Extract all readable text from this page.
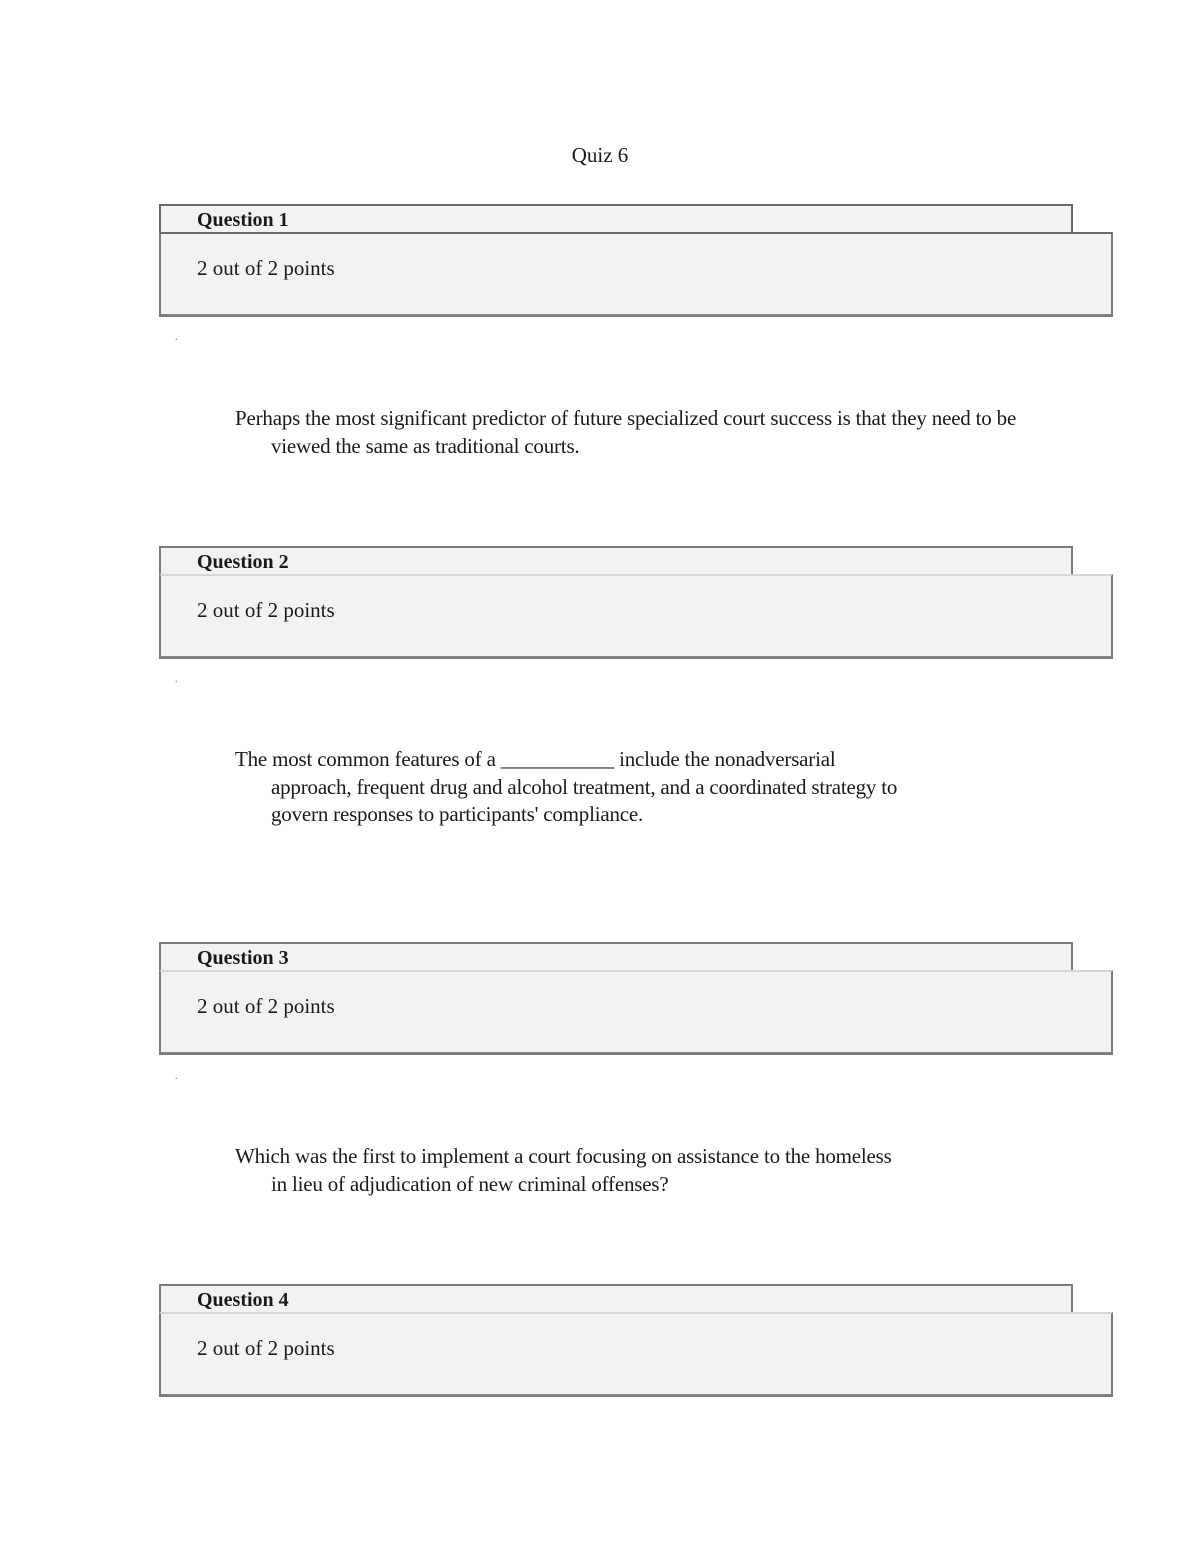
Quiz 6
Question 1
2 out of 2 points
.
Perhaps the most significant predictor of future specialized court success is that they need to be viewed the same as traditional courts.
Question 2
2 out of 2 points
.
The most common features of a ___________ include the nonadversarial approach, frequent drug and alcohol treatment, and a coordinated strategy to govern responses to participants' compliance.
Question 3
2 out of 2 points
.
Which was the first to implement a court focusing on assistance to the homeless in lieu of adjudication of new criminal offenses?
Question 4
2 out of 2 points
